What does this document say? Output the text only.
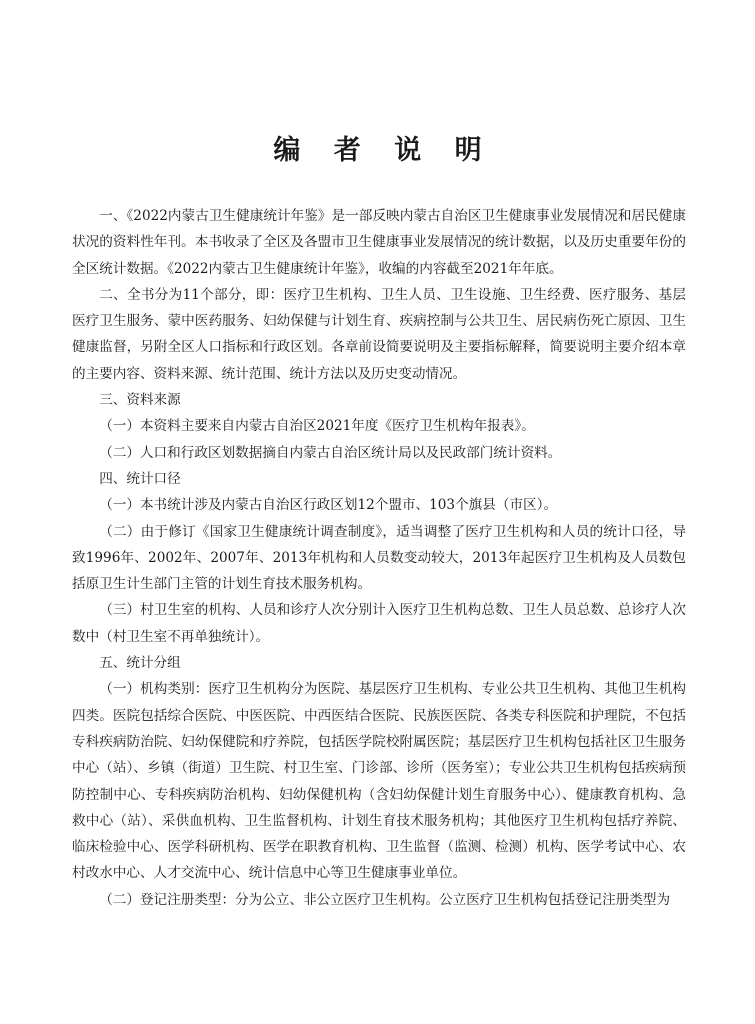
编 者 说 明

一、《2022内蒙古卫生健康统计年鉴》是一部反映内蒙古自治区卫生健康事业发展情况和居民健康状况的资料性年刊。本书收录了全区及各盟市卫生健康事业发展情况的统计数据，以及历史重要年份的全区统计数据。《2022内蒙古卫生健康统计年鉴》，收编的内容截至2021年年底。

二、全书分为11个部分，即：医疗卫生机构、卫生人员、卫生设施、卫生经费、医疗服务、基层医疗卫生服务、蒙中医药服务、妇幼保健与计划生育、疾病控制与公共卫生、居民病伤死亡原因、卫生健康监督，另附全区人口指标和行政区划。各章前设简要说明及主要指标解释，简要说明主要介绍本章的主要内容、资料来源、统计范围、统计方法以及历史变动情况。

三、资料来源

（一）本资料主要来自内蒙古自治区2021年度《医疗卫生机构年报表》。

（二）人口和行政区划数据摘自内蒙古自治区统计局以及民政部门统计资料。

四、统计口径

（一）本书统计涉及内蒙古自治区行政区划12个盟市、103个旗县（市区）。

（二）由于修订《国家卫生健康统计调查制度》，适当调整了医疗卫生机构和人员的统计口径，导致1996年、2002年、2007年、2013年机构和人员数变动较大，2013年起医疗卫生机构及人员数包括原卫生计生部门主管的计划生育技术服务机构。

（三）村卫生室的机构、人员和诊疗人次分别计入医疗卫生机构总数、卫生人员总数、总诊疗人次数中（村卫生室不再单独统计）。

五、统计分组

（一）机构类别：医疗卫生机构分为医院、基层医疗卫生机构、专业公共卫生机构、其他卫生机构四类。医院包括综合医院、中医医院、中西医结合医院、民族医医院、各类专科医院和护理院，不包括专科疾病防治院、妇幼保健院和疗养院，包括医学院校附属医院；基层医疗卫生机构包括社区卫生服务中心（站）、乡镇（街道）卫生院、村卫生室、门诊部、诊所（医务室）；专业公共卫生机构包括疾病预防控制中心、专科疾病防治机构、妇幼保健机构（含妇幼保健计划生育服务中心）、健康教育机构、急救中心（站）、采供血机构、卫生监督机构、计划生育技术服务机构；其他医疗卫生机构包括疗养院、临床检验中心、医学科研机构、医学在职教育机构、卫生监督（监测、检测）机构、医学考试中心、农村改水中心、人才交流中心、统计信息中心等卫生健康事业单位。

（二）登记注册类型：分为公立、非公立医疗卫生机构。公立医疗卫生机构包括登记注册类型为
